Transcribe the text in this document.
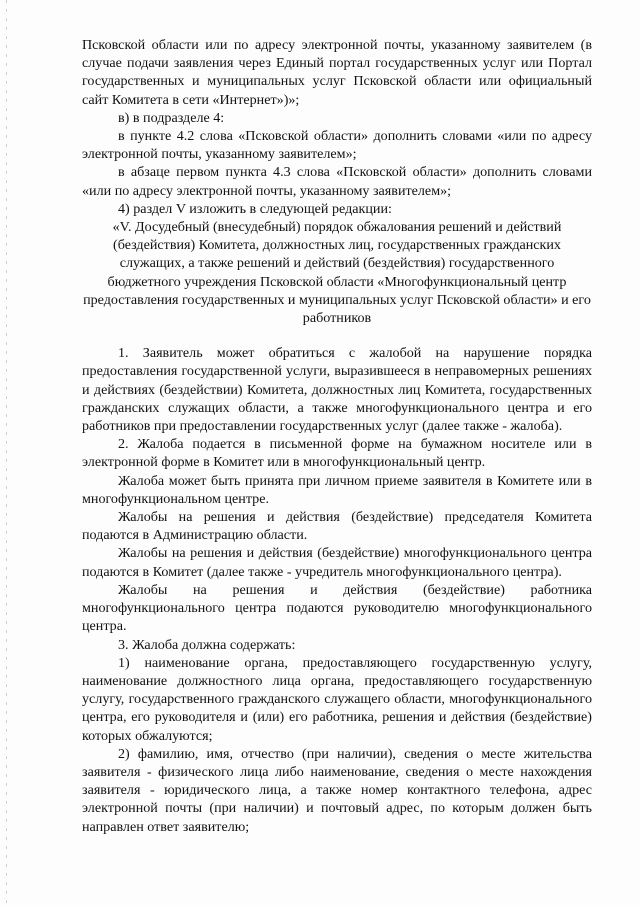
Псковской области или по адресу электронной почты, указанному заявителем (в случае подачи заявления через Единый портал государственных услуг или Портал государственных и муниципальных услуг Псковской области или официальный сайт Комитета в сети «Интернет»)»;

в) в подразделе 4:

в пункте 4.2 слова «Псковской области» дополнить словами «или по адресу электронной почты, указанному заявителем»;

в абзаце первом пункта 4.3 слова «Псковской области» дополнить словами «или по адресу электронной почты, указанному заявителем»;

4) раздел V изложить в следующей редакции:

«V. Досудебный (внесудебный) порядок обжалования решений и действий (бездействия) Комитета, должностных лиц, государственных гражданских служащих, а также решений и действий (бездействия) государственного бюджетного учреждения Псковской области «Многофункциональный центр предоставления государственных и муниципальных услуг Псковской области» и его работников

1. Заявитель может обратиться с жалобой на нарушение порядка предоставления государственной услуги, выразившееся в неправомерных решениях и действиях (бездействии) Комитета, должностных лиц Комитета, государственных гражданских служащих области, а также многофункционального центра и его работников при предоставлении государственных услуг (далее также - жалоба).

2. Жалоба подается в письменной форме на бумажном носителе или в электронной форме в Комитет или в многофункциональный центр.

Жалоба может быть принята при личном приеме заявителя в Комитете или в многофункциональном центре.

Жалобы на решения и действия (бездействие) председателя Комитета подаются в Администрацию области.

Жалобы на решения и действия (бездействие) многофункционального центра подаются в Комитет (далее также - учредитель многофункционального центра).

Жалобы на решения и действия (бездействие) работника многофункционального центра подаются руководителю многофункционального центра.

3. Жалоба должна содержать:

1) наименование органа, предоставляющего государственную услугу, наименование должностного лица органа, предоставляющего государственную услугу, государственного гражданского служащего области, многофункционального центра, его руководителя и (или) его работника, решения и действия (бездействие) которых обжалуются;

2) фамилию, имя, отчество (при наличии), сведения о месте жительства заявителя - физического лица либо наименование, сведения о месте нахождения заявителя - юридического лица, а также номер контактного телефона, адрес электронной почты (при наличии) и почтовый адрес, по которым должен быть направлен ответ заявителю;
